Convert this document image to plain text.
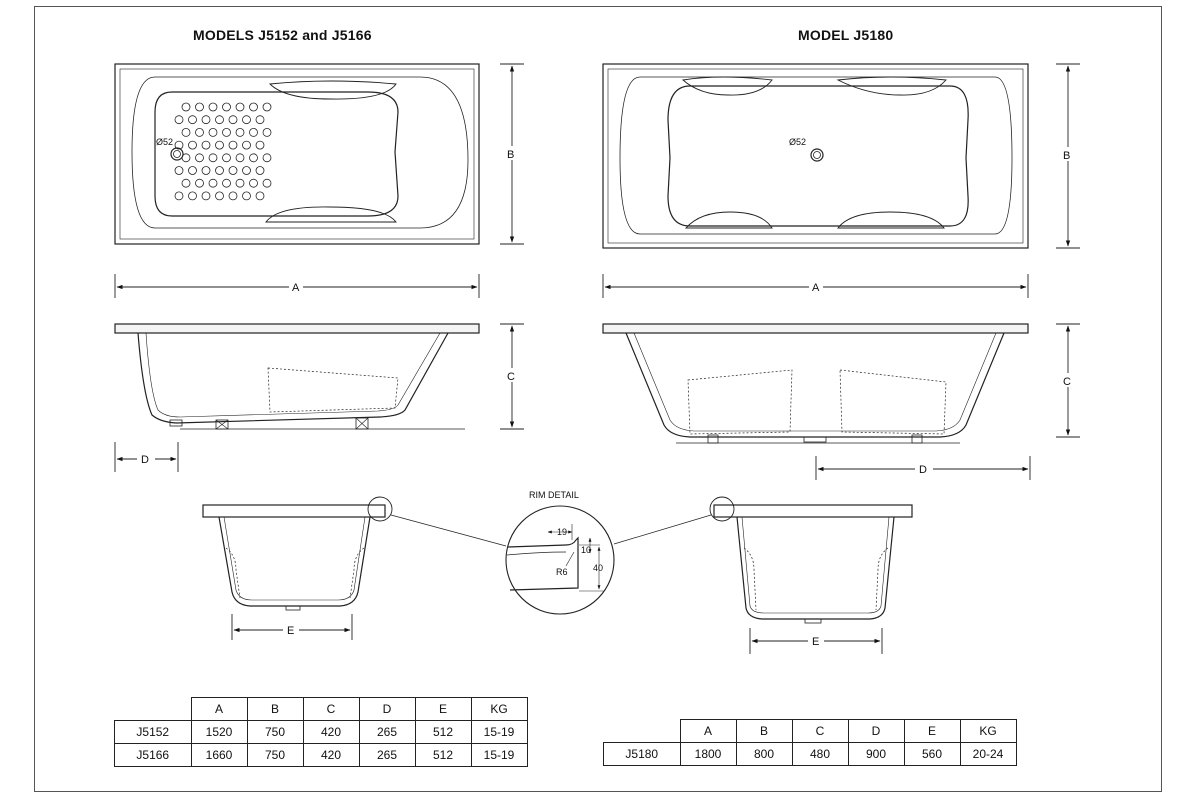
MODELS J5152 and J5166	MODEL J5180
Ø52
B
A
Ø52
B
A
C
D
C
D
E
E
RIM DETAIL
19
10
40
R6
	A	B	C	D	E	KG
J5152	1520	750	420	265	512	15-19
J5166	1660	750	420	265	512	15-19
	A	B	C	D	E	KG
J5180	1800	800	480	900	560	20-24
